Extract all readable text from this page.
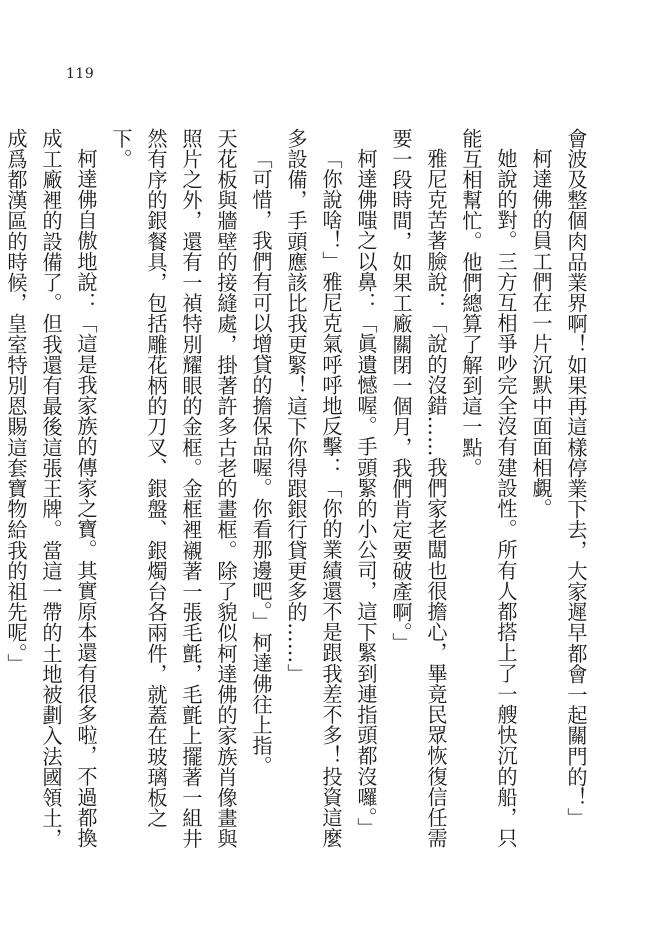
119

會波及整個肉品業界啊！如果再這樣停業下去，大家遲早都會一起關門的！」

柯達佛的員工們在一片沉默中面面相覷。

她說的對。三方互相爭吵完全沒有建設性。所有人都搭上了一艘快沉的船，只能互相幫忙。他們總算了解到這一點。

雅尼克苦著臉說：「說的沒錯……我們家老闆也很擔心，畢竟民眾恢復信任需要一段時間，如果工廠關閉一個月，我們肯定要破產啊。」

柯達佛嗤之以鼻：「眞遺憾喔。手頭緊的小公司，這下緊到連指頭都沒囉。」

「你說啥！」雅尼克氣呼呼地反擊：「你的業績還不是跟我差不多！投資這麼多設備，手頭應該比我更緊！這下你得跟銀行貸更多的……」

「可惜，我們有可以增貸的擔保品喔。你看那邊吧。」柯達佛往上指。

天花板與牆壁的接縫處，掛著許多古老的畫框。除了貌似柯達佛的家族肖像畫與照片之外，還有一禎特別耀眼的金框。金框裡襯著一張毛氈，毛氈上擺著一組井然有序的銀餐具，包括雕花柄的刀叉、銀盤、銀燭台各兩件，就蓋在玻璃板之下。

柯達佛自傲地說：「這是我家族的傳家之寶。其實原本還有很多啦，不過都換成工廠裡的設備了。但我還有最後這張王牌。當這一帶的土地被劃入法國領土，成爲都漢區的時候，皇室特別恩賜這套寶物給我的祖先呢。」
